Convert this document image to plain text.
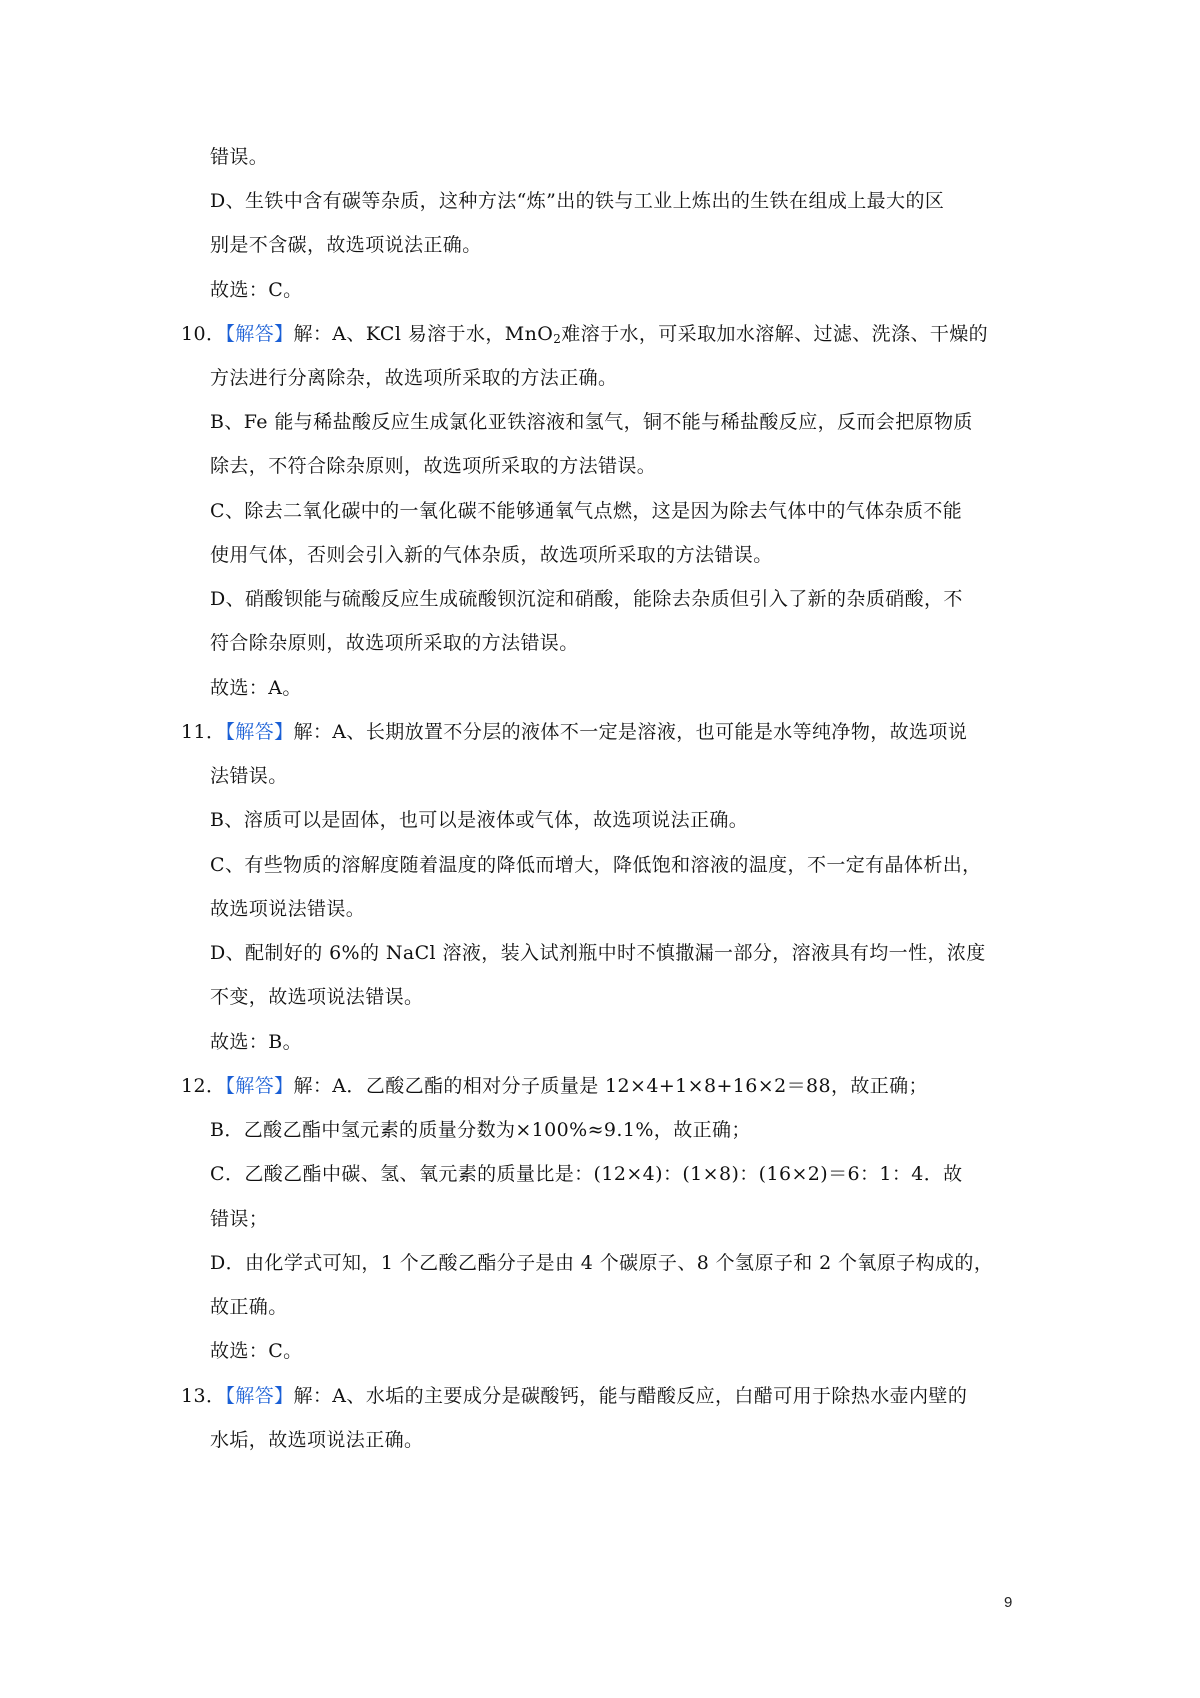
错误。
D、生铁中含有碳等杂质，这种方法“炼”出的铁与工业上炼出的生铁在组成上最大的区
别是不含碳，故选项说法正确。
故选：C。
10．【解答】解：A、KCl 易溶于水，MnO$_2$难溶于水，可采取加水溶解、过滤、洗涤、干燥的
方法进行分离除杂，故选项所采取的方法正确。
B、Fe 能与稀盐酸反应生成氯化亚铁溶液和氢气，铜不能与稀盐酸反应，反而会把原物质
除去，不符合除杂原则，故选项所采取的方法错误。
C、除去二氧化碳中的一氧化碳不能够通氧气点燃，这是因为除去气体中的气体杂质不能
使用气体，否则会引入新的气体杂质，故选项所采取的方法错误。
D、硝酸钡能与硫酸反应生成硫酸钡沉淀和硝酸，能除去杂质但引入了新的杂质硝酸，不
符合除杂原则，故选项所采取的方法错误。
故选：A。
11．【解答】解：A、长期放置不分层的液体不一定是溶液，也可能是水等纯净物，故选项说
法错误。
B、溶质可以是固体，也可以是液体或气体，故选项说法正确。
C、有些物质的溶解度随着温度的降低而增大，降低饱和溶液的温度，不一定有晶体析出，
故选项说法错误。
D、配制好的 6%的 NaCl 溶液，装入试剂瓶中时不慎撒漏一部分，溶液具有均一性，浓度
不变，故选项说法错误。
故选：B。
12．【解答】解：A．乙酸乙酯的相对分子质量是 12×4+1×8+16×2＝88，故正确；
B．乙酸乙酯中氢元素的质量分数为×100%≈9.1%，故正确；
C．乙酸乙酯中碳、氢、氧元素的质量比是：(12×4)：(1×8)：(16×2)＝6：1：4．故
错误；
D．由化学式可知，1 个乙酸乙酯分子是由 4 个碳原子、8 个氢原子和 2 个氧原子构成的，
故正确。
故选：C。
13．【解答】解：A、水垢的主要成分是碳酸钙，能与醋酸反应，白醋可用于除热水壶内壁的
水垢，故选项说法正确。
9
